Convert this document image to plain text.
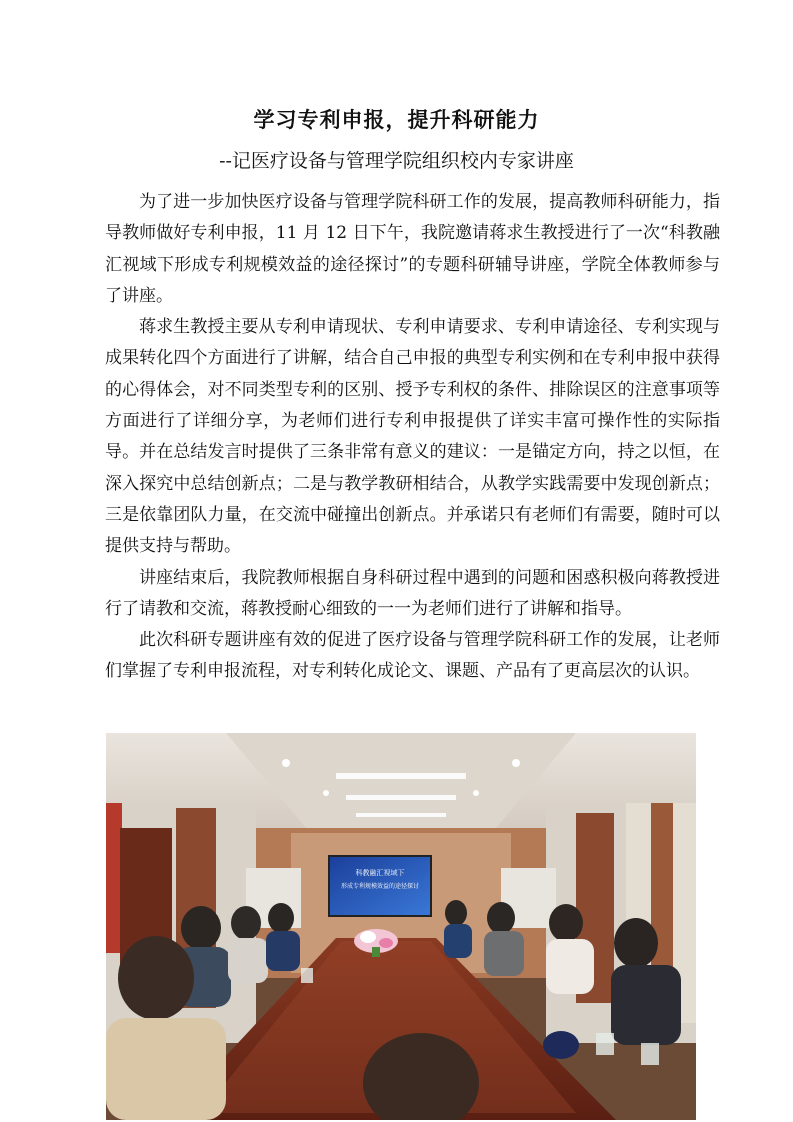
学习专利申报，提升科研能力
--记医疗设备与管理学院组织校内专家讲座

为了进一步加快医疗设备与管理学院科研工作的发展，提高教师科研能力，指导教师做好专利申报，11 月 12 日下午，我院邀请蒋求生教授进行了一次“科教融汇视域下形成专利规模效益的途径探讨”的专题科研辅导讲座，学院全体教师参与了讲座。

蒋求生教授主要从专利申请现状、专利申请要求、专利申请途径、专利实现与成果转化四个方面进行了讲解，结合自己申报的典型专利实例和在专利申报中获得的心得体会，对不同类型专利的区别、授予专利权的条件、排除误区的注意事项等方面进行了详细分享，为老师们进行专利申报提供了详实丰富可操作性的实际指导。并在总结发言时提供了三条非常有意义的建议：一是锚定方向，持之以恒，在深入探究中总结创新点；二是与教学教研相结合，从教学实践需要中发现创新点；三是依靠团队力量，在交流中碰撞出创新点。并承诺只有老师们有需要，随时可以提供支持与帮助。

讲座结束后，我院教师根据自身科研过程中遇到的问题和困惑积极向蒋教授进行了请教和交流，蒋教授耐心细致的一一为老师们进行了讲解和指导。

此次科研专题讲座有效的促进了医疗设备与管理学院科研工作的发展，让老师们掌握了专利申报流程，对专利转化成论文、课题、产品有了更高层次的认识。

科教融汇视域下
形成专利规模效益的途径探讨
